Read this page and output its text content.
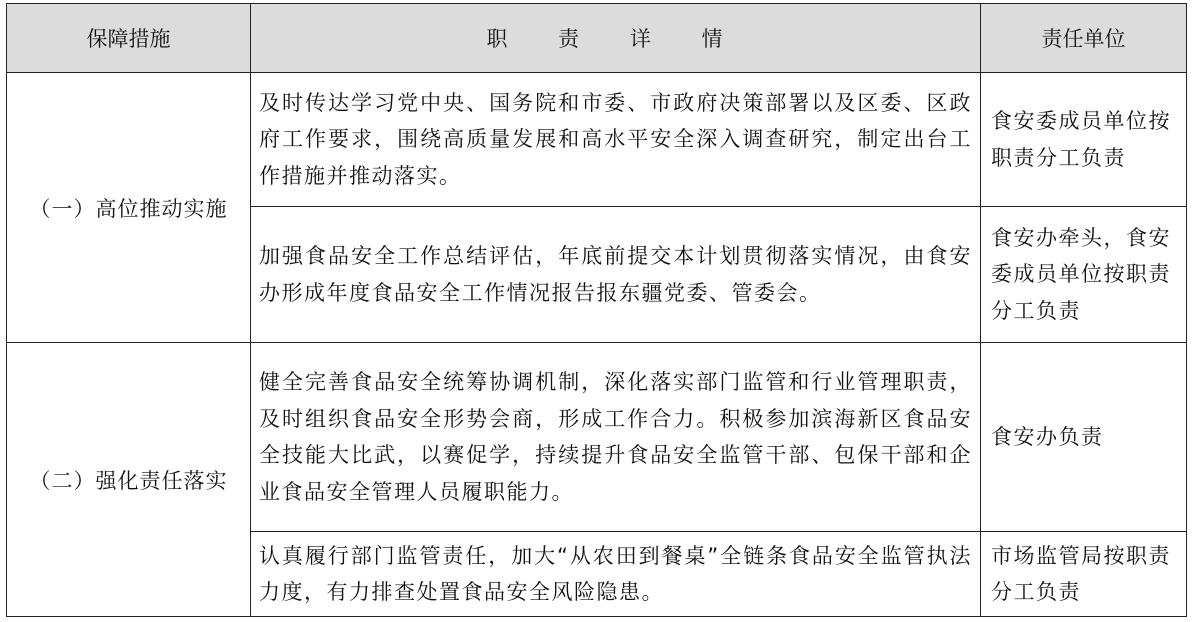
保障措施	职 责 详 情	责任单位
（一）高位推动实施	及时传达学习党中央、国务院和市委、市政府决策部署以及区委、区政府工作要求，围绕高质量发展和高水平安全深入调查研究，制定出台工作措施并推动落实。	食安委成员单位按职责分工负责
	加强食品安全工作总结评估，年底前提交本计划贯彻落实情况，由食安办形成年度食品安全工作情况报告报东疆党委、管委会。	食安办牵头，食安委成员单位按职责分工负责
（二）强化责任落实	健全完善食品安全统筹协调机制，深化落实部门监管和行业管理职责，及时组织食品安全形势会商，形成工作合力。积极参加滨海新区食品安全技能大比武，以赛促学，持续提升食品安全监管干部、包保干部和企业食品安全管理人员履职能力。	食安办负责
	认真履行部门监管责任，加大“从农田到餐桌”全链条食品安全监管执法力度，有力排查处置食品安全风险隐患。	市场监管局按职责分工负责
